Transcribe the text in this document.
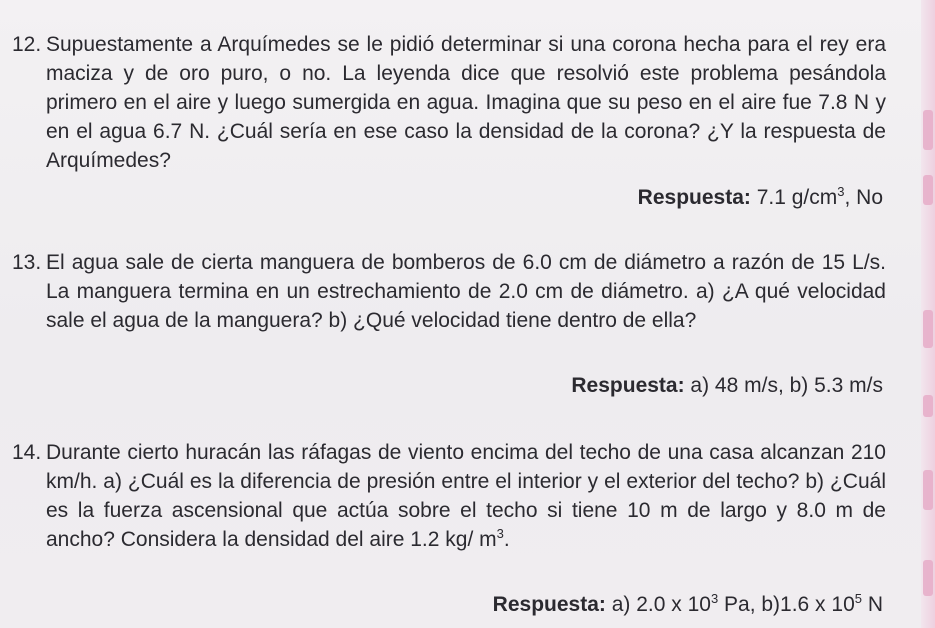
12. Supuestamente a Arquímedes se le pidió determinar si una corona hecha para el rey era maciza y de oro puro, o no. La leyenda dice que resolvió este problema pesándola primero en el aire y luego sumergida en agua. Imagina que su peso en el aire fue 7.8 N y en el agua 6.7 N. ¿Cuál sería en ese caso la densidad de la corona? ¿Y la respuesta de Arquímedes?
Respuesta: 7.1 $g/cm^3$, No
13. El agua sale de cierta manguera de bomberos de 6.0 cm de diámetro a razón de 15 L/s. La manguera termina en un estrechamiento de 2.0 cm de diámetro. a) ¿A qué velocidad sale el agua de la manguera? b) ¿Qué velocidad tiene dentro de ella?
Respuesta: a) 48 m/s, b) 5.3 m/s
14. Durante cierto huracán las ráfagas de viento encima del techo de una casa alcanzan 210 km/h. a) ¿Cuál es la diferencia de presión entre el interior y el exterior del techo? b) ¿Cuál es la fuerza ascensional que actúa sobre el techo si tiene 10 m de largo y 8.0 m de ancho? Considera la densidad del aire 1.2 kg/ $m^3$.
Respuesta: a) 2.0 x $10^3$ Pa, b)1.6 x $10^5$ N
